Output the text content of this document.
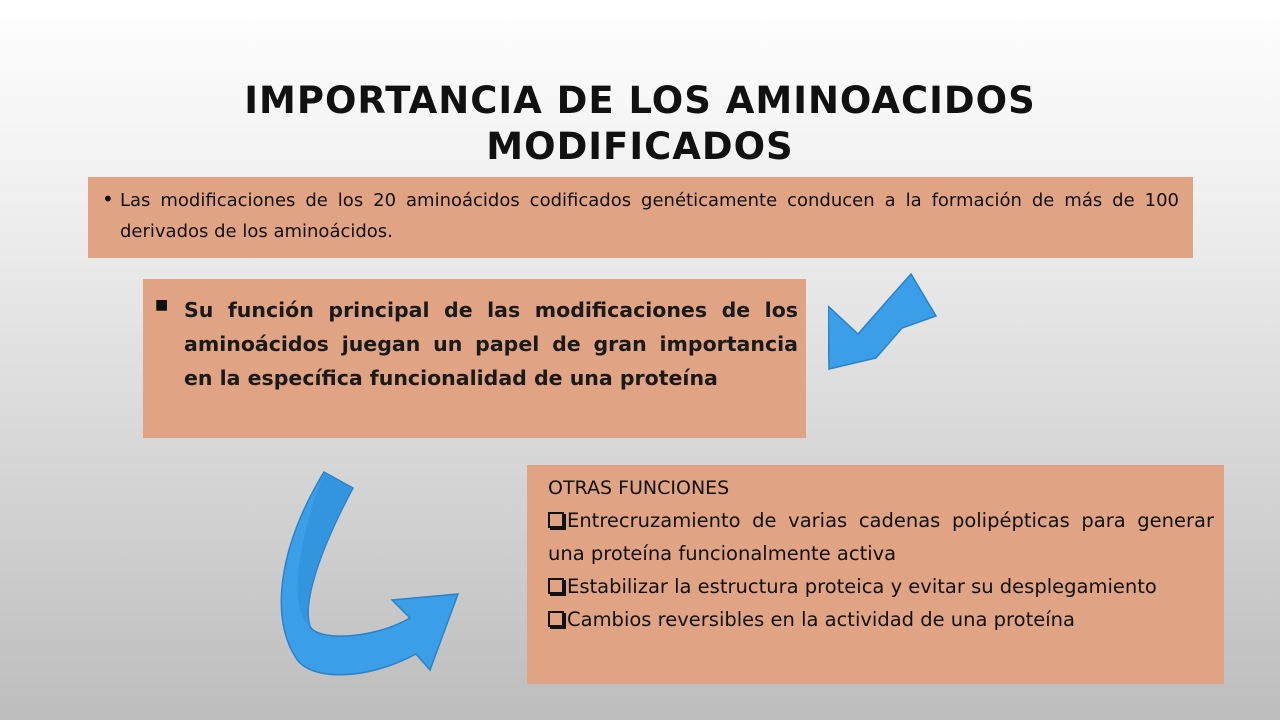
IMPORTANCIA DE LOS AMINOACIDOS
MODIFICADOS
• Las modificaciones de los 20 aminoácidos codificados genéticamente conducen a la formación de más de 100 derivados de los aminoácidos.

■ Su función principal de las modificaciones de los aminoácidos juegan un papel de gran importancia en la específica funcionalidad de una proteína

OTRAS FUNCIONES

Entrecruzamiento de varias cadenas polipépticas para generar una proteína funcionalmente activa

Estabilizar la estructura proteica y evitar su desplegamiento

Cambios reversibles en la actividad de una proteína
